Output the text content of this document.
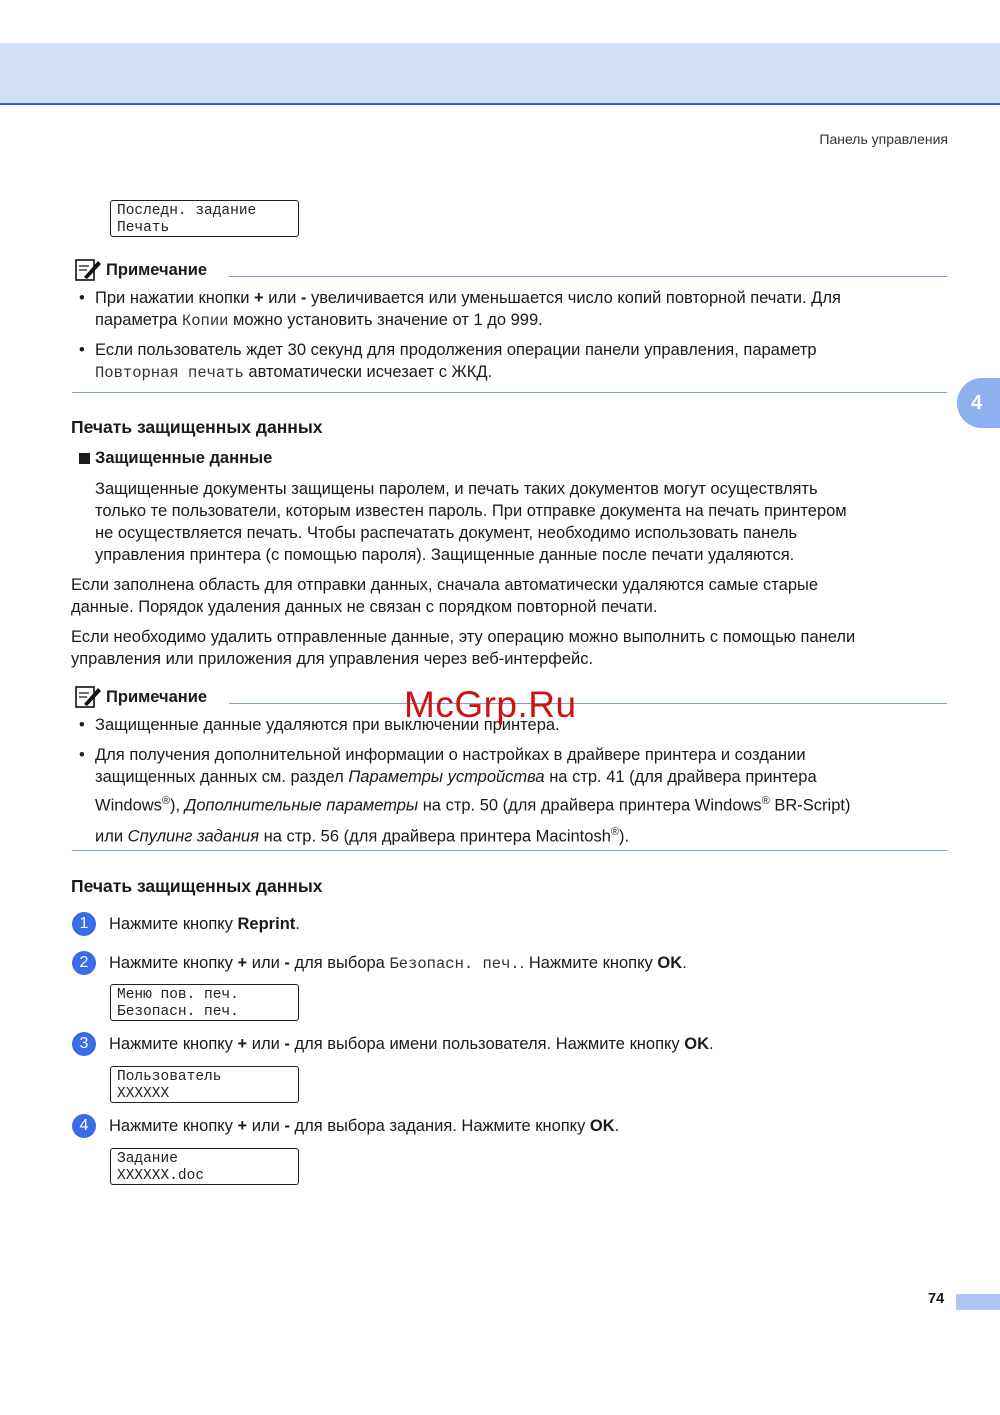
Панель управления
4
Последн. задание
Печать
Примечание
• При нажатии кнопки + или - увеличивается или уменьшается число копий повторной печати. Для
параметра Копии можно установить значение от 1 до 999.
• Если пользователь ждет 30 секунд для продолжения операции панели управления, параметр
Повторная печать автоматически исчезает с ЖКД.
Печать защищенных данных
Защищенные данные
Защищенные документы защищены паролем, и печать таких документов могут осуществлять
только те пользователи, которым известен пароль. При отправке документа на печать принтером
не осуществляется печать. Чтобы распечатать документ, необходимо использовать панель
управления принтера (с помощью пароля). Защищенные данные после печати удаляются.
Если заполнена область для отправки данных, сначала автоматически удаляются самые старые
данные. Порядок удаления данных не связан с порядком повторной печати.
Если необходимо удалить отправленные данные, эту операцию можно выполнить с помощью панели
управления или приложения для управления через веб-интерфейс.
Примечание
• Защищенные данные удаляются при выключении принтера.
• Для получения дополнительной информации о настройках в драйвере принтера и создании
защищенных данных см. раздел Параметры устройства на стр. 41 (для драйвера принтера
Windows®), Дополнительные параметры на стр. 50 (для драйвера принтера Windows® BR-Script)
или Спулинг задания на стр. 56 (для драйвера принтера Macintosh®).
McGrp.Ru
Печать защищенных данных
1	Нажмите кнопку Reprint.
2	Нажмите кнопку + или - для выбора Безопасн. печ.. Нажмите кнопку OK.
Меню пов. печ.
Безопасн. печ.
3	Нажмите кнопку + или - для выбора имени пользователя. Нажмите кнопку OK.
Пользователь
XXXXXX
4	Нажмите кнопку + или - для выбора задания. Нажмите кнопку OK.
Задание
XXXXXX.doc
74
